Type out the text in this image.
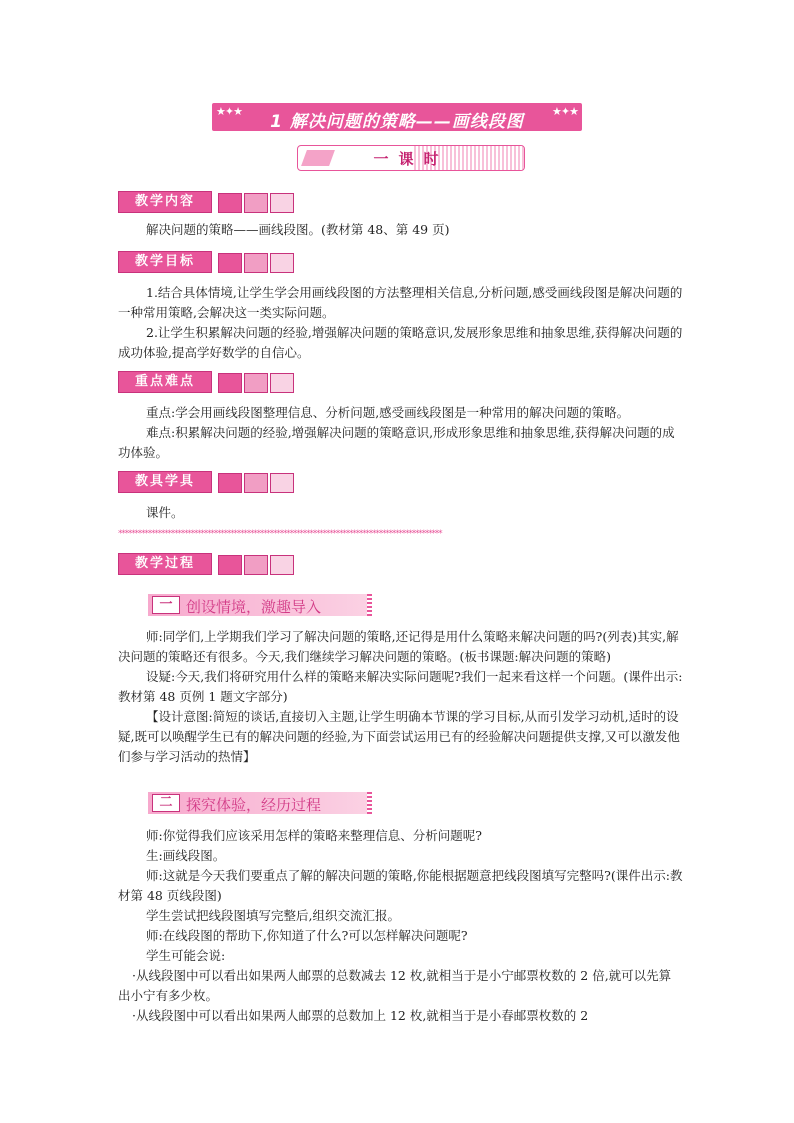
★✦★
1 解决问题的策略——画线段图
★✦★
一课时
教学内容

解决问题的策略——画线段图。(教材第 48、第 49 页)

教学目标

1.结合具体情境,让学生学会用画线段图的方法整理相关信息,分析问题,感受画线段图是解决问题的一种常用策略,会解决这一类实际问题。

2.让学生积累解决问题的经验,增强解决问题的策略意识,发展形象思维和抽象思维,获得解决问题的成功体验,提高学好数学的自信心。

重点难点

重点:学会用画线段图整理信息、分析问题,感受画线段图是一种常用的解决问题的策略。

难点:积累解决问题的经验,增强解决问题的策略意识,形成形象思维和抽象思维,获得解决问题的成功体验。

教具学具

课件。

**************************************************************************************************
教学过程
一 创设情境，激趣导入

师:同学们,上学期我们学习了解决问题的策略,还记得是用什么策略来解决问题的吗?(列表)其实,解决问题的策略还有很多。今天,我们继续学习解决问题的策略。(板书课题:解决问题的策略)

设疑:今天,我们将研究用什么样的策略来解决实际问题呢?我们一起来看这样一个问题。(课件出示:教材第 48 页例 1 题文字部分)

【设计意图:简短的谈话,直接切入主题,让学生明确本节课的学习目标,从而引发学习动机,适时的设疑,既可以唤醒学生已有的解决问题的经验,为下面尝试运用已有的经验解决问题提供支撑,又可以激发他们参与学习活动的热情】

二 探究体验，经历过程

师:你觉得我们应该采用怎样的策略来整理信息、分析问题呢?

生:画线段图。

师:这就是今天我们要重点了解的解决问题的策略,你能根据题意把线段图填写完整吗?(课件出示:教材第 48 页线段图)

学生尝试把线段图填写完整后,组织交流汇报。

师:在线段图的帮助下,你知道了什么?可以怎样解决问题呢?

学生可能会说:

·从线段图中可以看出如果两人邮票的总数减去 12 枚,就相当于是小宁邮票枚数的 2 倍,就可以先算出小宁有多少枚。

·从线段图中可以看出如果两人邮票的总数加上 12 枚,就相当于是小春邮票枚数的 2
